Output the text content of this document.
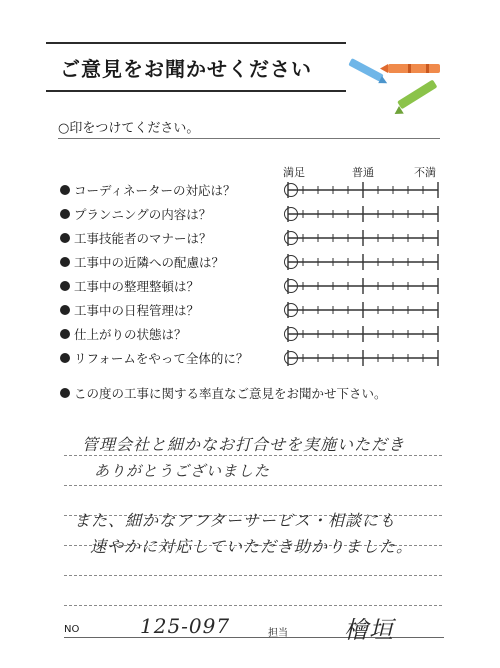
ご意見をお聞かせください
○印をつけてください。
満足	普通	不満
コーディネーターの対応は？
プランニングの内容は？
工事技能者のマナーは？
工事中の近隣への配慮は？
工事中の整理整頓は？
工事中の日程管理は？
仕上がりの状態は？
リフォームをやって全体的に？
この度の工事に関する率直なご意見をお聞かせ下さい。
管理会社と細かなお打合せを実施いただき
ありがとうございました
また、細かなアフターサービス・相談にも
速やかに対応していただき助かりました。
NO	125-097	担当 檜垣
